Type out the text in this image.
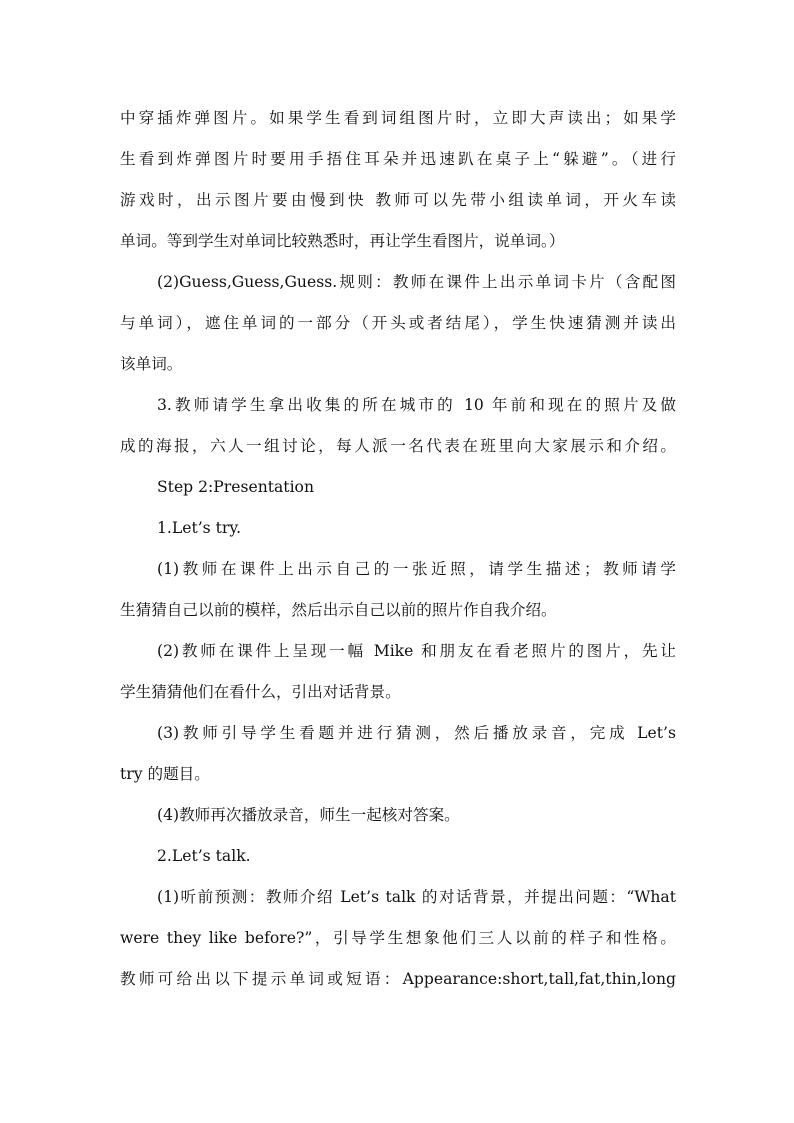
中穿插炸弹图片。如果学生看到词组图片时，立即大声读出；如果学
生看到炸弹图片时要用手捂住耳朵并迅速趴在桌子上“躲避”。（进行
游戏时，出示图片要由慢到快 教师可以先带小组读单词，开火车读
单词。等到学生对单词比较熟悉时，再让学生看图片，说单词。）
(2)Guess,Guess,Guess.规则：教师在课件上出示单词卡片（含配图
与单词），遮住单词的一部分（开头或者结尾），学生快速猜测并读出
该单词。
3.教师请学生拿出收集的所在城市的 10 年前和现在的照片及做
成的海报，六人一组讨论，每人派一名代表在班里向大家展示和介绍。
Step 2:Presentation
1.Let’s try.
(1)教师在课件上出示自己的一张近照，请学生描述；教师请学
生猜猜自己以前的模样，然后出示自己以前的照片作自我介绍。
(2)教师在课件上呈现一幅 Mike 和朋友在看老照片的图片，先让
学生猜猜他们在看什么，引出对话背景。
(3)教师引导学生看题并进行猜测，然后播放录音，完成 Let’s
try 的题目。
(4)教师再次播放录音，师生一起核对答案。
2.Let’s talk.
(1)听前预测：教师介绍 Let’s talk 的对话背景，并提出问题：“What
were they like before?”，引导学生想象他们三人以前的样子和性格。
教师可给出以下提示单词或短语：Appearance:short,tall,fat,thin,long
